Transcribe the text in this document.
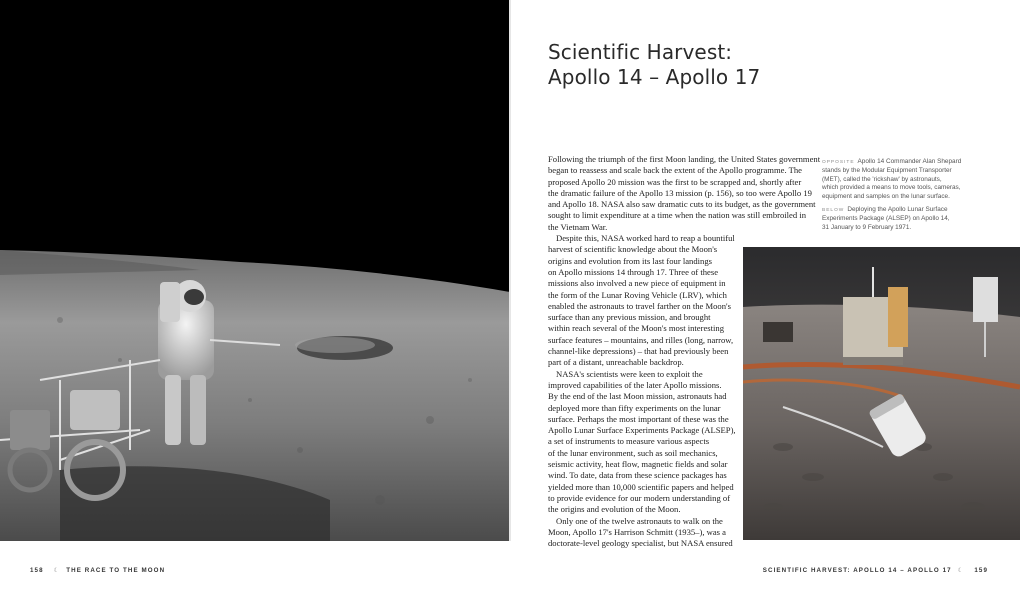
Scientific Harvest:
Apollo 14 – Apollo 17
Following the triumph of the first Moon landing, the United States government
began to reassess and scale back the extent of the Apollo programme. The
proposed Apollo 20 mission was the first to be scrapped and, shortly after
the dramatic failure of the Apollo 13 mission (p. 156), so too were Apollo 19
and Apollo 18. NASA also saw dramatic cuts to its budget, as the government
sought to limit expenditure at a time when the nation was still embroiled in
the Vietnam War.
Despite this, NASA worked hard to reap a bountiful
harvest of scientific knowledge about the Moon's
origins and evolution from its last four landings
on Apollo missions 14 through 17. Three of these
missions also involved a new piece of equipment in
the form of the Lunar Roving Vehicle (LRV), which
enabled the astronauts to travel farther on the Moon's
surface than any previous mission, and brought
within reach several of the Moon's most interesting
surface features – mountains, and rilles (long, narrow,
channel-like depressions) – that had previously been
part of a distant, unreachable backdrop.
NASA's scientists were keen to exploit the
improved capabilities of the later Apollo missions.
By the end of the last Moon mission, astronauts had
deployed more than fifty experiments on the lunar
surface. Perhaps the most important of these was the
Apollo Lunar Surface Experiments Package (ALSEP),
a set of instruments to measure various aspects
of the lunar environment, such as soil mechanics,
seismic activity, heat flow, magnetic fields and solar
wind. To date, data from these science packages has
yielded more than 10,000 scientific papers and helped
to provide evidence for our modern understanding of
the origins and evolution of the Moon.
Only one of the twelve astronauts to walk on the
Moon, Apollo 17's Harrison Schmitt (1935–), was a
doctorate-level geology specialist, but NASA ensured
OPPOSITE Apollo 14 Commander Alan Shepard
stands by the Modular Equipment Transporter
(MET), called the 'rickshaw' by astronauts,
which provided a means to move tools, cameras,
equipment and samples on the lunar surface.
BELOW Deploying the Apollo Lunar Surface
Experiments Package (ALSEP) on Apollo 14,
31 January to 9 February 1971.
158 ☾ THE RACE TO THE MOON	SCIENTIFIC HARVEST: APOLLO 14 – APOLLO 17 ☾ 159
